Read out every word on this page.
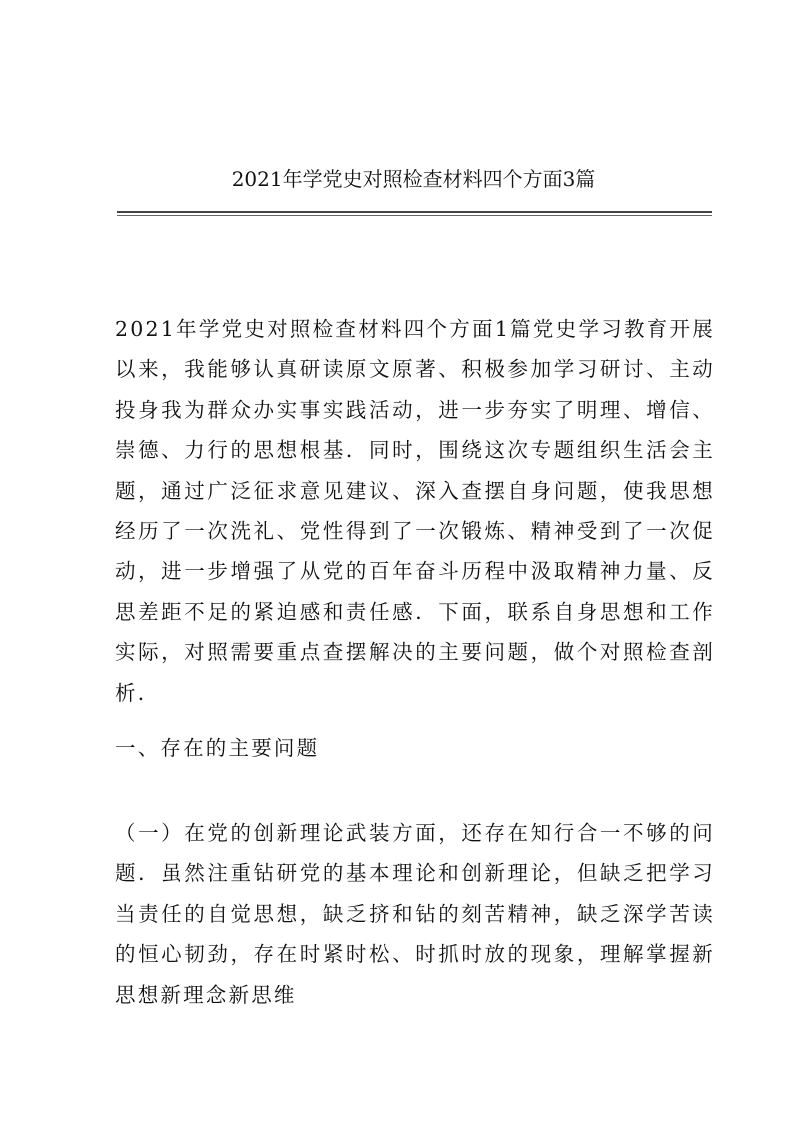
2021年学党史对照检查材料四个方面3篇

2021年学党史对照检查材料四个方面1篇党史学习教育开展以来，我能够认真研读原文原著、积极参加学习研讨、主动投身我为群众办实事实践活动，进一步夯实了明理、增信、崇德、力行的思想根基．同时，围绕这次专题组织生活会主题，通过广泛征求意见建议、深入查摆自身问题，使我思想经历了一次洗礼、党性得到了一次锻炼、精神受到了一次促动，进一步增强了从党的百年奋斗历程中汲取精神力量、反思差距不足的紧迫感和责任感．下面，联系自身思想和工作实际，对照需要重点查摆解决的主要问题，做个对照检查剖析．

一、存在的主要问题

（一）在党的创新理论武装方面，还存在知行合一不够的问题．虽然注重钻研党的基本理论和创新理论，但缺乏把学习当责任的自觉思想，缺乏挤和钻的刻苦精神，缺乏深学苦读的恒心韧劲，存在时紧时松、时抓时放的现象，理解掌握新思想新理念新思维
